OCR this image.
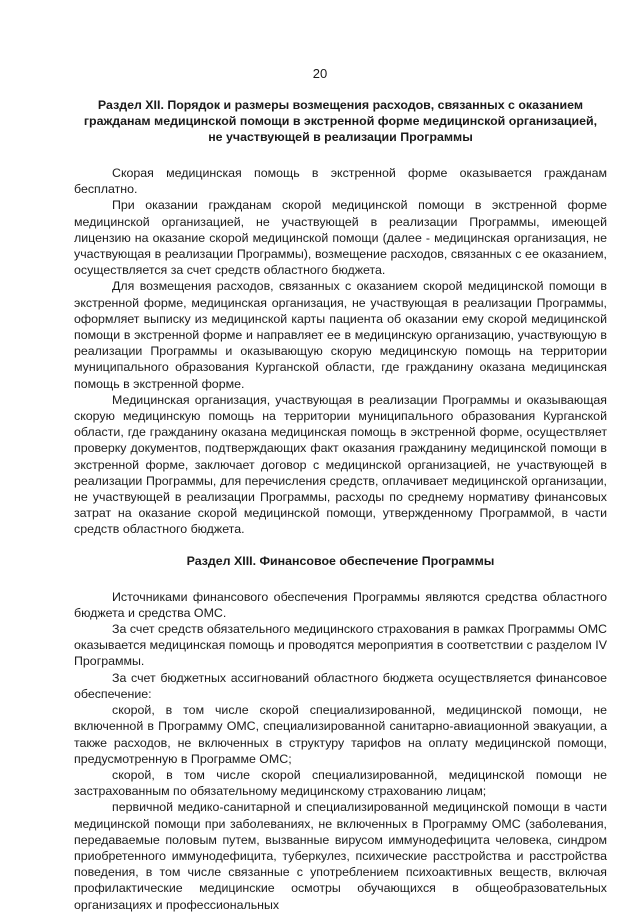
20
Раздел XII. Порядок и размеры возмещения расходов, связанных с оказанием гражданам медицинской помощи в экстренной форме медицинской организацией, не участвующей в реализации Программы

Скорая медицинская помощь в экстренной форме оказывается гражданам бесплатно.

При оказании гражданам скорой медицинской помощи в экстренной форме медицинской организацией, не участвующей в реализации Программы, имеющей лицензию на оказание скорой медицинской помощи (далее - медицинская организация, не участвующая в реализации Программы), возмещение расходов, связанных с ее оказанием, осуществляется за счет средств областного бюджета.

Для возмещения расходов, связанных с оказанием скорой медицинской помощи в экстренной форме, медицинская организация, не участвующая в реализации Программы, оформляет выписку из медицинской карты пациента об оказании ему скорой медицинской помощи в экстренной форме и направляет ее в медицинскую организацию, участвующую в реализации Программы и оказывающую скорую медицинскую помощь на территории муниципального образования Курганской области, где гражданину оказана медицинская помощь в экстренной форме.

Медицинская организация, участвующая в реализации Программы и оказывающая скорую медицинскую помощь на территории муниципального образования Курганской области, где гражданину оказана медицинская помощь в экстренной форме, осуществляет проверку документов, подтверждающих факт оказания гражданину медицинской помощи в экстренной форме, заключает договор с медицинской организацией, не участвующей в реализации Программы, для перечисления средств, оплачивает медицинской организации, не участвующей в реализации Программы, расходы по среднему нормативу финансовых затрат на оказание скорой медицинской помощи, утвержденному Программой, в части средств областного бюджета.

Раздел XIII. Финансовое обеспечение Программы

Источниками финансового обеспечения Программы являются средства областного бюджета и средства ОМС.

За счет средств обязательного медицинского страхования в рамках Программы ОМС оказывается медицинская помощь и проводятся мероприятия в соответствии с разделом IV Программы.

За счет бюджетных ассигнований областного бюджета осуществляется финансовое обеспечение:

скорой, в том числе скорой специализированной, медицинской помощи, не включенной в Программу ОМС, специализированной санитарно-авиационной эвакуации, а также расходов, не включенных в структуру тарифов на оплату медицинской помощи, предусмотренную в Программе ОМС;

скорой, в том числе скорой специализированной, медицинской помощи не застрахованным по обязательному медицинскому страхованию лицам;

первичной медико-санитарной и специализированной медицинской помощи в части медицинской помощи при заболеваниях, не включенных в Программу ОМС (заболевания, передаваемые половым путем, вызванные вирусом иммунодефицита человека, синдром приобретенного иммунодефицита, туберкулез, психические расстройства и расстройства поведения, в том числе связанные с употреблением психоактивных веществ, включая профилактические медицинские осмотры обучающихся в общеобразовательных организациях и профессиональных
